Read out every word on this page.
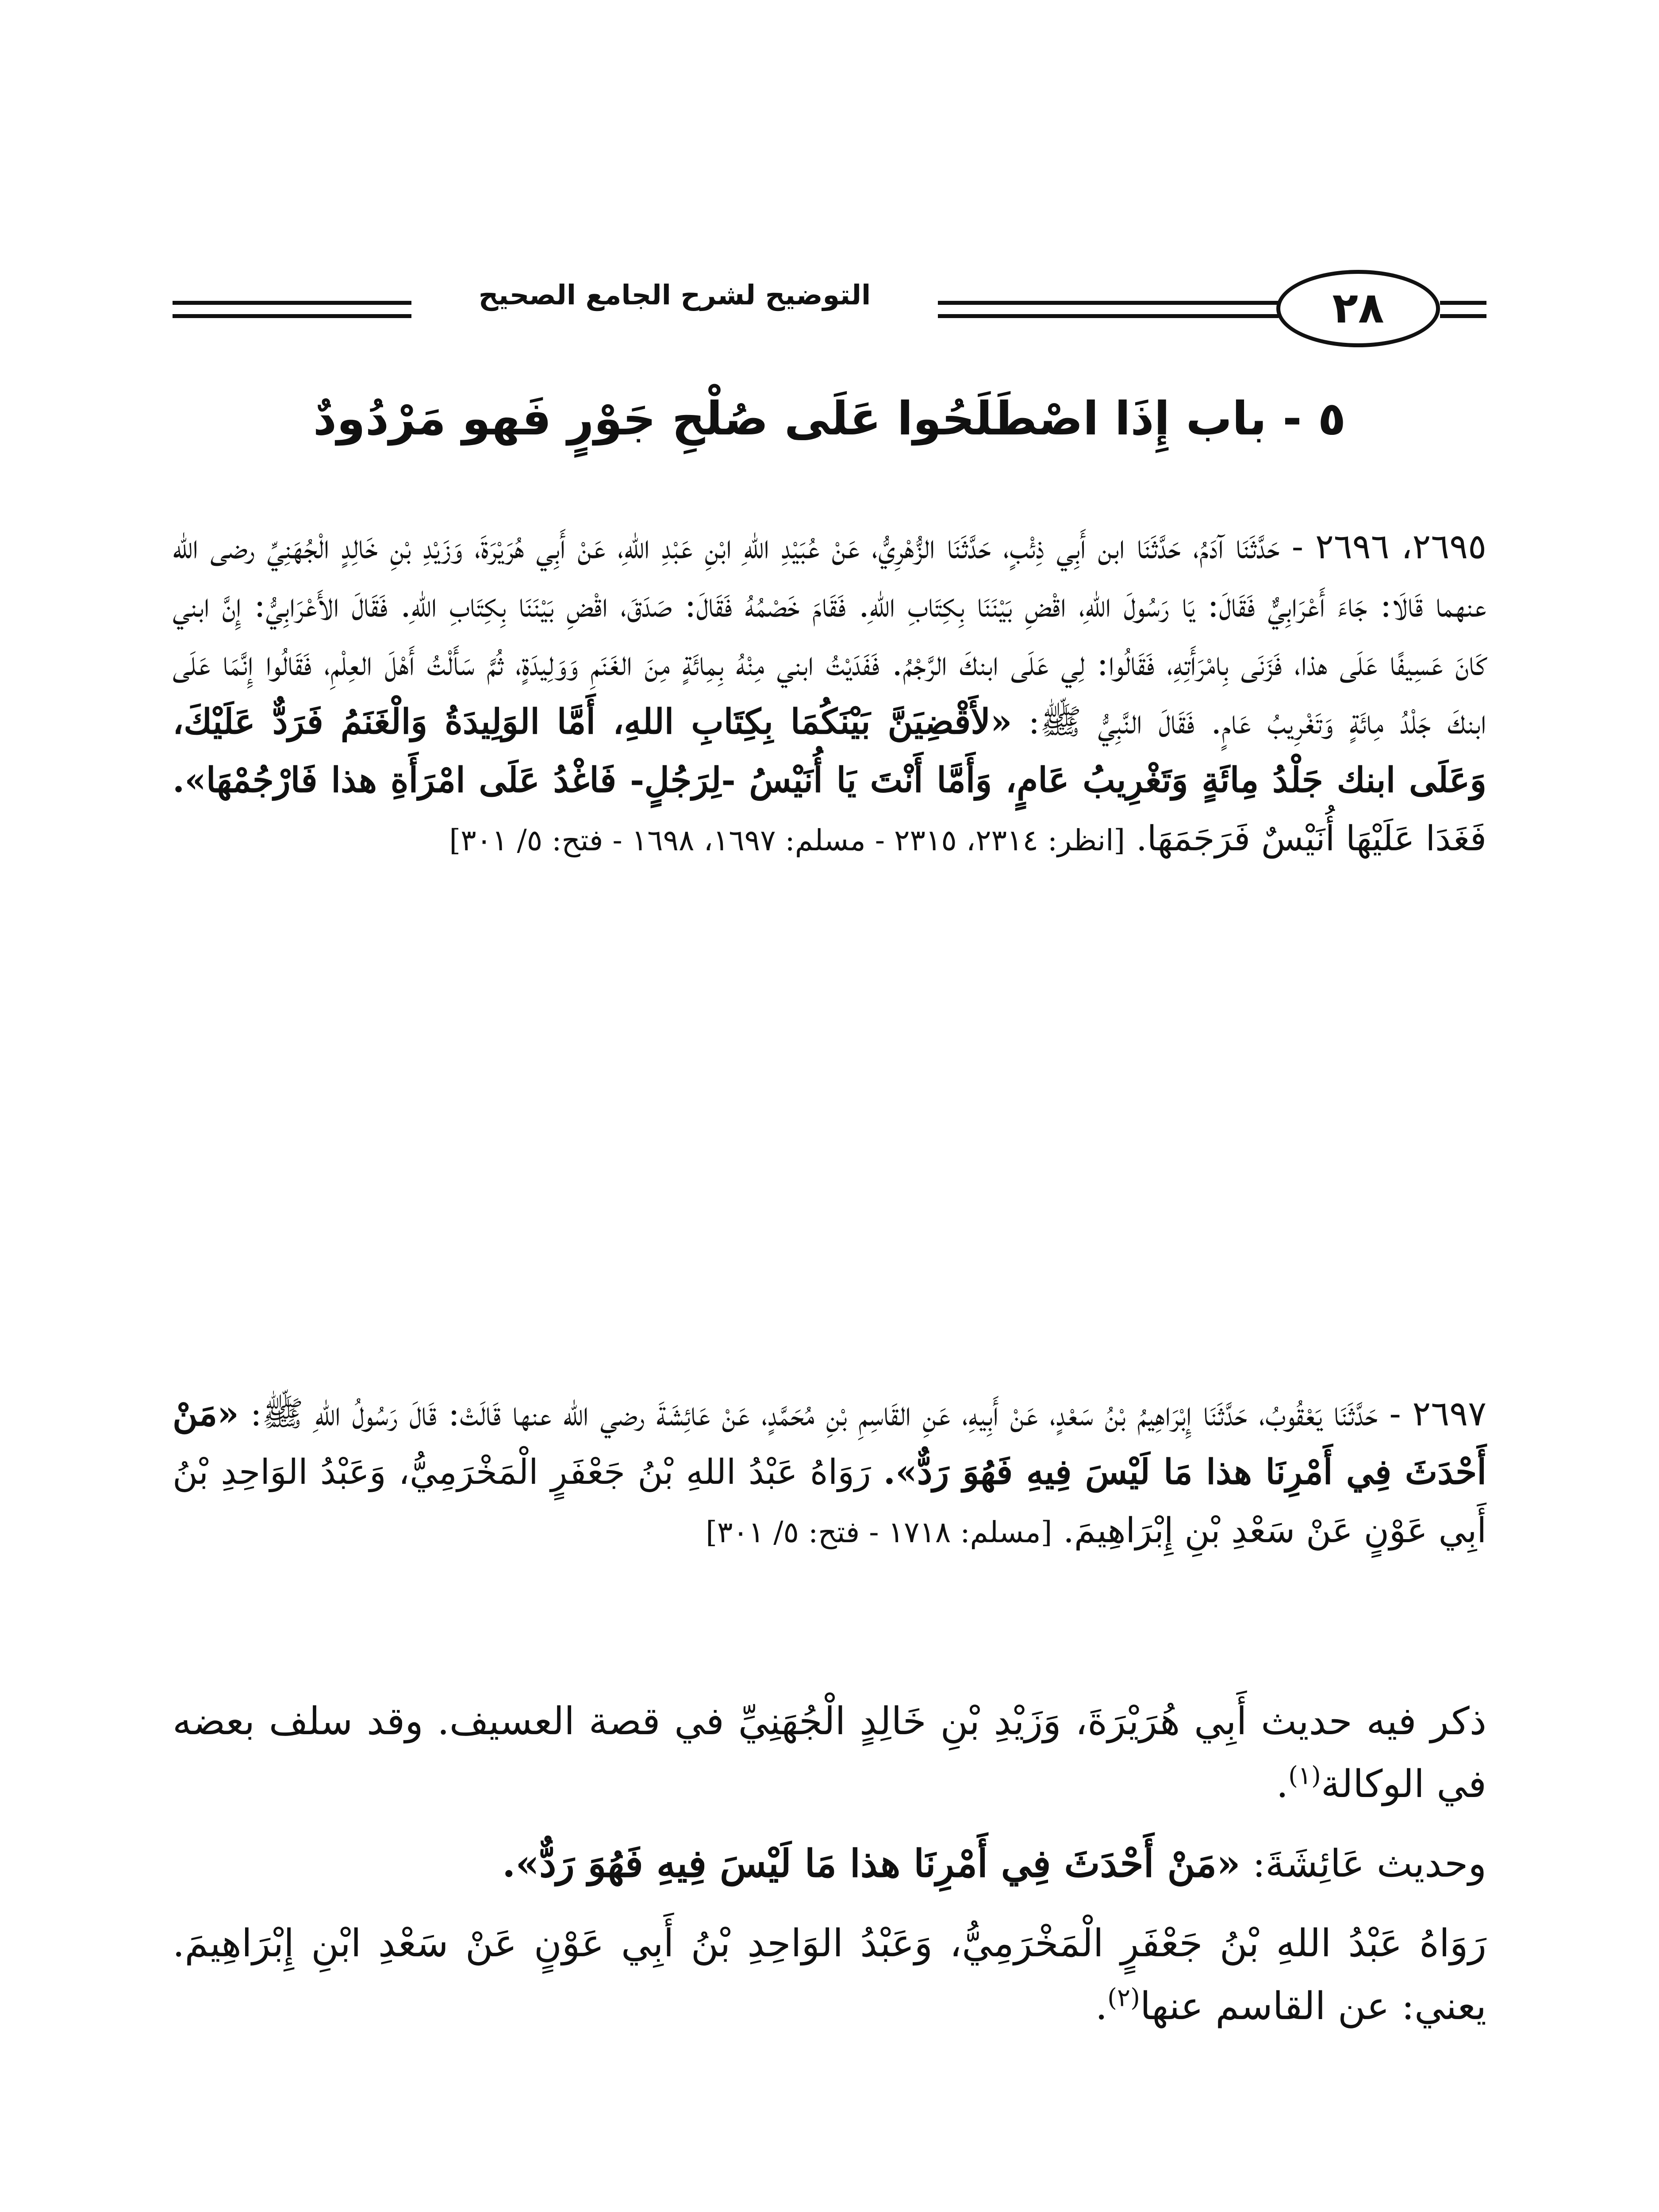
التوضيح لشرح الجامع الصحيح	٢٨
٥ - باب إِذَا اصْطَلَحُوا عَلَى صُلْحِ جَوْرٍ فَهو مَرْدُودٌ

٢٦٩٥، ٢٦٩٦ - حَدَّثَنَا آدَمُ، حَدَّثَنَا ابن أَبِي ذِئْبٍ، حَدَّثَنَا الزُّهْرِيُّ، عَنْ عُبَيْدِ اللهِ ابْنِ عَبْدِ اللهِ، عَنْ أَبِي هُرَيْرَةَ، وَزَيْدِ بْنِ خَالِدٍ الْجُهَنِيِّ رضى الله عنهما قَالَا: جَاءَ أَعْرَابِيٌّ فَقَالَ: يَا رَسُولَ اللهِ، اقْضِ بَيْنَنَا بِكِتَابِ اللهِ. فَقَامَ خَصْمُهُ فَقَالَ: صَدَقَ، اقْضِ بَيْنَنَا بِكِتَابِ اللهِ. فَقَالَ الأَعْرَابِيُّ: إِنَّ ابني كَانَ عَسِيفًا عَلَى هذا، فَزَنَى بِامْرَأَتِهِ، فَقَالُوا: لِي عَلَى ابنكَ الرَّجْمُ. فَفَدَيْتُ ابني مِنْهُ بِمِائَةٍ مِنَ الغَنَمِ وَوَلِيدَةٍ، ثُمَّ سَأَلْتُ أَهْلَ العِلْمِ، فَقَالُوا إِنَّمَا عَلَى ابنكَ جَلْدُ مِائَةٍ وَتَغْرِيبُ عَامٍ. فَقَالَ النَّبِيُّ ﷺ: «لأَقْضِيَنَّ بَيْنَكُمَا بِكِتَابِ اللهِ، أَمَّا الوَلِيدَةُ وَالْغَنَمُ فَرَدٌّ عَلَيْكَ، وَعَلَى ابنك جَلْدُ مِائَةٍ وَتَغْرِيبُ عَامٍ، وَأَمَّا أَنْتَ يَا أُنَيْسُ -لِرَجُلٍ- فَاغْدُ عَلَى امْرَأَةِ هذا فَارْجُمْهَا». فَغَدَا عَلَيْهَا أُنَيْسٌ فَرَجَمَهَا. [انظر: ٢٣١٤، ٢٣١٥ - مسلم: ١٦٩٧، ١٦٩٨ - فتح: ٥/ ٣٠١]

٢٦٩٧ - حَدَّثَنَا يَعْقُوبُ، حَدَّثَنَا إِبْرَاهِيمُ بْنُ سَعْدٍ، عَنْ أَبِيهِ، عَنِ القَاسِمِ بْنِ مُحَمَّدٍ، عَنْ عَائِشَةَ رضي الله عنها قَالَتْ: قَالَ رَسُولُ اللهِ ﷺ: «مَنْ أَحْدَثَ فِي أَمْرِنَا هذا مَا لَيْسَ فِيهِ فَهُوَ رَدٌّ». رَوَاهُ عَبْدُ اللهِ بْنُ جَعْفَرٍ الْمَخْرَمِيُّ، وَعَبْدُ الوَاحِدِ بْنُ أَبِي عَوْنٍ عَنْ سَعْدِ بْنِ إِبْرَاهِيمَ. [مسلم: ١٧١٨ - فتح: ٥/ ٣٠١]

ذكر فيه حديث أَبِي هُرَيْرَةَ، وَزَيْدِ بْنِ خَالِدٍ الْجُهَنِيِّ في قصة العسيف. وقد سلف بعضه في الوكالة$^{(١)}$.

وحديث عَائِشَةَ: «مَنْ أَحْدَثَ فِي أَمْرِنَا هذا مَا لَيْسَ فِيهِ فَهُوَ رَدٌّ».

رَوَاهُ عَبْدُ اللهِ بْنُ جَعْفَرٍ الْمَخْرَمِيُّ، وَعَبْدُ الوَاحِدِ بْنُ أَبِي عَوْنٍ عَنْ سَعْدِ ابْنِ إِبْرَاهِيمَ. يعني: عن القاسم عنها$^{(٢)}$.
